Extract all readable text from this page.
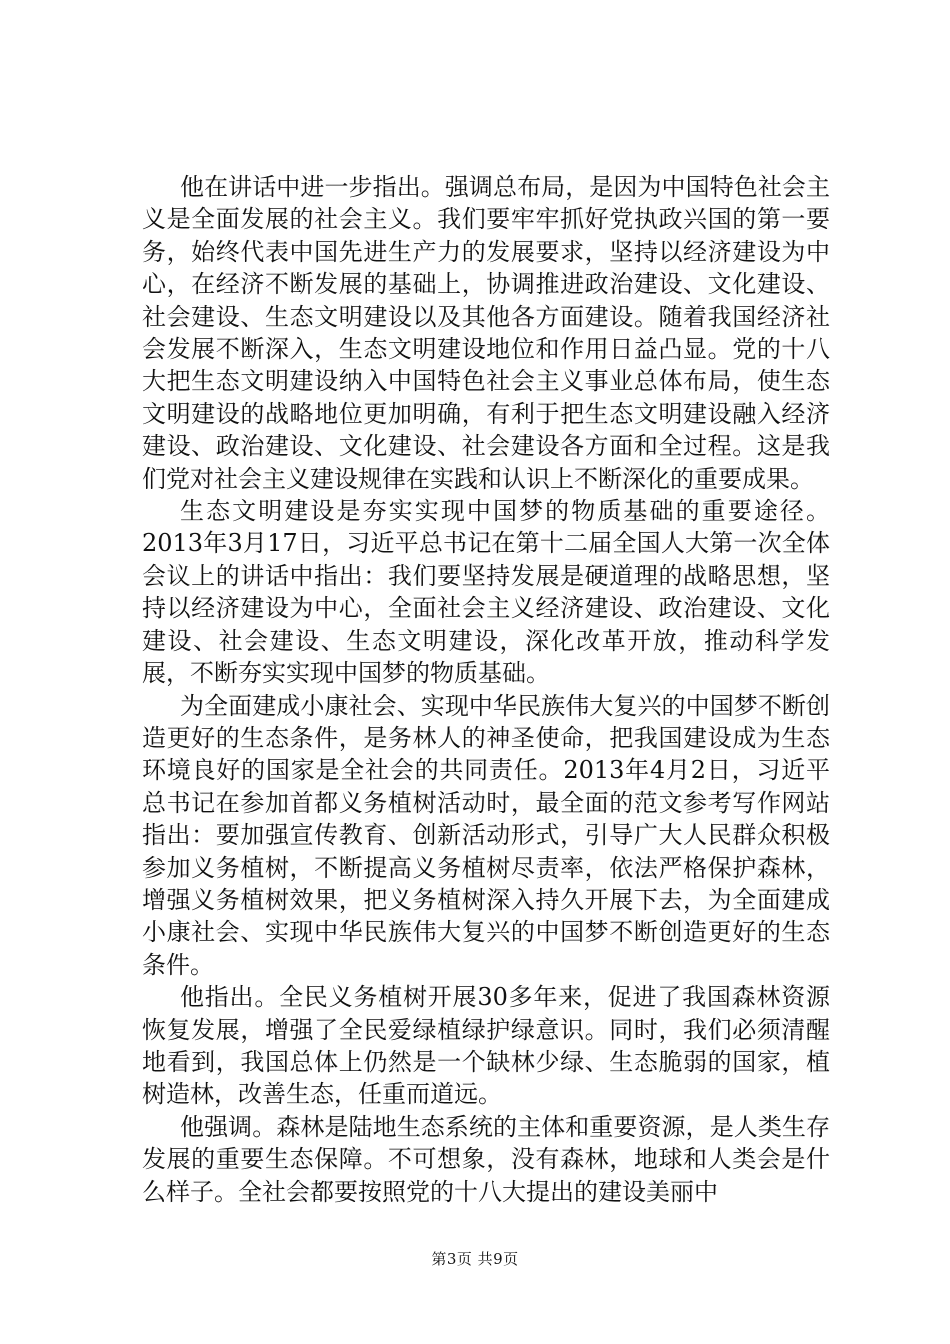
他在讲话中进一步指出。强调总布局，是因为中国特色社会主义是全面发展的社会主义。我们要牢牢抓好党执政兴国的第一要务，始终代表中国先进生产力的发展要求，坚持以经济建设为中心，在经济不断发展的基础上，协调推进政治建设、文化建设、社会建设、生态文明建设以及其他各方面建设。随着我国经济社会发展不断深入，生态文明建设地位和作用日益凸显。党的十八大把生态文明建设纳入中国特色社会主义事业总体布局，使生态文明建设的战略地位更加明确，有利于把生态文明建设融入经济建设、政治建设、文化建设、社会建设各方面和全过程。这是我们党对社会主义建设规律在实践和认识上不断深化的重要成果。

生态文明建设是夯实实现中国梦的物质基础的重要途径。2013年3月17日，习近平总书记在第十二届全国人大第一次全体会议上的讲话中指出：我们要坚持发展是硬道理的战略思想，坚持以经济建设为中心，全面社会主义经济建设、政治建设、文化建设、社会建设、生态文明建设，深化改革开放，推动科学发展，不断夯实实现中国梦的物质基础。

为全面建成小康社会、实现中华民族伟大复兴的中国梦不断创造更好的生态条件，是务林人的神圣使命，把我国建设成为生态环境良好的国家是全社会的共同责任。2013年4月2日，习近平总书记在参加首都义务植树活动时，最全面的范文参考写作网站指出：要加强宣传教育、创新活动形式，引导广大人民群众积极参加义务植树，不断提高义务植树尽责率，依法严格保护森林，增强义务植树效果，把义务植树深入持久开展下去，为全面建成小康社会、实现中华民族伟大复兴的中国梦不断创造更好的生态条件。

他指出。全民义务植树开展30多年来，促进了我国森林资源恢复发展，增强了全民爱绿植绿护绿意识。同时，我们必须清醒地看到，我国总体上仍然是一个缺林少绿、生态脆弱的国家，植树造林，改善生态，任重而道远。

他强调。森林是陆地生态系统的主体和重要资源，是人类生存发展的重要生态保障。不可想象，没有森林，地球和人类会是什么样子。全社会都要按照党的十八大提出的建设美丽中

第3页 共9页
